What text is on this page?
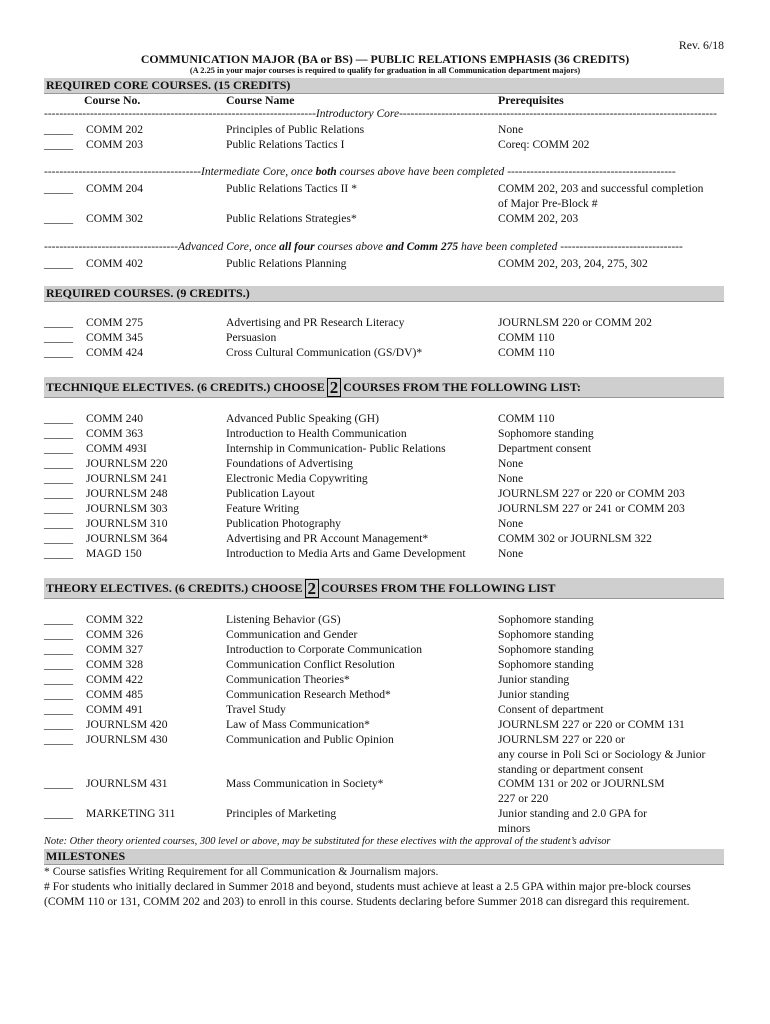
Rev. 6/18
COMMUNICATION MAJOR (BA or BS) — PUBLIC RELATIONS EMPHASIS (36 CREDITS)
(A 2.25 in your major courses is required to qualify for graduation in all Communication department majors)
REQUIRED CORE COURSES. (15 CREDITS)
Course No.	Course Name	Prerequisites
-----------------------------------------------------------------------Introductory Core-----------------------------------------------------------------------------------
_____ COMM 202	Principles of Public Relations	None
_____ COMM 203	Public Relations Tactics I	Coreq: COMM 202
-----------------------------------------Intermediate Core, once both courses above have been completed --------------------------------------------
_____ COMM 204	Public Relations Tactics II *	COMM 202, 203 and successful completion
of Major Pre-Block #
_____ COMM 302	Public Relations Strategies*	COMM 202, 203
-----------------------------------Advanced Core, once all four courses above and Comm 275 have been completed --------------------------------
_____ COMM 402	Public Relations Planning	COMM 202, 203, 204, 275, 302
REQUIRED COURSES. (9 CREDITS.)
_____ COMM 275	Advertising and PR Research Literacy	JOURNLSM 220 or COMM 202
_____ COMM 345	Persuasion	COMM 110
_____ COMM 424	Cross Cultural Communication (GS/DV)*	COMM 110
TECHNIQUE ELECTIVES. (6 CREDITS.) CHOOSE 2 COURSES FROM THE FOLLOWING LIST:
_____ COMM 240	Advanced Public Speaking (GH)	COMM 110
_____ COMM 363	Introduction to Health Communication	Sophomore standing
_____ COMM 493I	Internship in Communication- Public Relations	Department consent
_____ JOURNLSM 220	Foundations of Advertising	None
_____ JOURNLSM 241	Electronic Media Copywriting	None
_____ JOURNLSM 248	Publication Layout	JOURNLSM 227 or 220 or COMM 203
_____ JOURNLSM 303	Feature Writing	JOURNLSM 227 or 241 or COMM 203
_____ JOURNLSM 310	Publication Photography	None
_____ JOURNLSM 364	Advertising and PR Account Management*	COMM 302 or JOURNLSM 322
_____ MAGD 150	Introduction to Media Arts and Game Development	None
THEORY ELECTIVES. (6 CREDITS.) CHOOSE 2 COURSES FROM THE FOLLOWING LIST
_____ COMM 322	Listening Behavior (GS)	Sophomore standing
_____ COMM 326	Communication and Gender	Sophomore standing
_____ COMM 327	Introduction to Corporate Communication	Sophomore standing
_____ COMM 328	Communication Conflict Resolution	Sophomore standing
_____ COMM 422	Communication Theories*	Junior standing
_____ COMM 485	Communication Research Method*	Junior standing
_____ COMM 491	Travel Study	Consent of department
_____ JOURNLSM 420	Law of Mass Communication*	JOURNLSM 227 or 220 or COMM 131
_____ JOURNLSM 430	Communication and Public Opinion	JOURNLSM 227 or 220 or
any course in Poli Sci or Sociology & Junior
standing or department consent
_____ JOURNLSM 431	Mass Communication in Society*	COMM 131 or 202 or JOURNLSM
227 or 220
_____ MARKETING 311	Principles of Marketing	Junior standing and 2.0 GPA for
minors
Note: Other theory oriented courses, 300 level or above, may be substituted for these electives with the approval of the student’s advisor
MILESTONES
* Course satisfies Writing Requirement for all Communication & Journalism majors.
# For students who initially declared in Summer 2018 and beyond, students must achieve at least a 2.5 GPA within major pre-block courses (COMM 110 or 131, COMM 202 and 203) to enroll in this course. Students declaring before Summer 2018 can disregard this requirement.
